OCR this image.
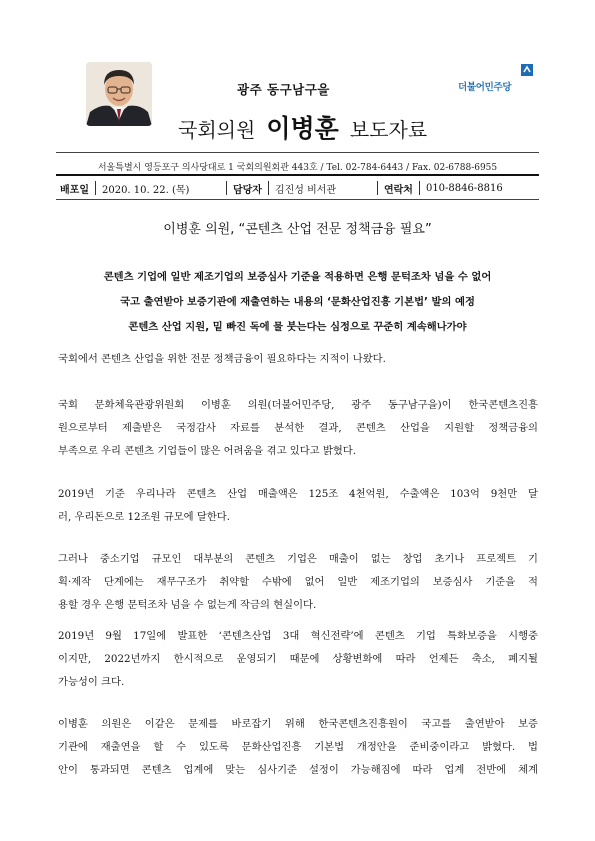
광주 동구남구을
국회의원 이병훈 보도자료
더불어민주당
서울특별시 영등포구 의사당대로 1 국회의원회관 443호 / Tel. 02-784-6443 / Fax. 02-6788-6955
배포일 2020. 10. 22. (목)	담당자 김진성 비서관	연락처 010-8846-8816
이병훈 의원, “콘텐츠 산업 전문 정책금융 필요”
콘텐츠 기업에 일반 제조기업의 보증심사 기준을 적용하면 은행 문턱조차 넘을 수 없어
국고 출연받아 보증기관에 재출연하는 내용의 ‘문화산업진흥 기본법’ 발의 예정
콘텐츠 산업 지원, 밑 빠진 독에 물 붓는다는 심정으로 꾸준히 계속해나가야
국회에서 콘텐츠 산업을 위한 전문 정책금융이 필요하다는 지적이 나왔다.
국회 문화체육관광위원회 이병훈 의원(더불어민주당, 광주 동구남구을)이 한국콘텐츠진흥
원으로부터 제출받은 국정감사 자료를 분석한 결과, 콘텐츠 산업을 지원할 정책금융의
부족으로 우리 콘텐츠 기업들이 많은 어려움을 겪고 있다고 밝혔다.
2019년 기준 우리나라 콘텐츠 산업 매출액은 125조 4천억원, 수출액은 103억 9천만 달
러, 우리돈으로 12조원 규모에 달한다.
그러나 중소기업 규모인 대부분의 콘텐츠 기업은 매출이 없는 창업 초기나 프로젝트 기
획·제작 단계에는 재무구조가 취약할 수밖에 없어 일반 제조기업의 보증심사 기준을 적
용할 경우 은행 문턱조차 넘을 수 없는게 작금의 현실이다.
2019년 9월 17일에 발표한 ‘콘텐츠산업 3대 혁신전략’에 콘텐츠 기업 특화보증을 시행중
이지만, 2022년까지 한시적으로 운영되기 때문에 상황변화에 따라 언제든 축소, 폐지될
가능성이 크다.
이병훈 의원은 이같은 문제를 바로잡기 위해 한국콘텐츠진흥원이 국고를 출연받아 보증
기관에 재출연을 할 수 있도록 문화산업진흥 기본법 개정안을 준비중이라고 밝혔다. 법
안이 통과되면 콘텐츠 업계에 맞는 심사기준 설정이 가능해짐에 따라 업계 전반에 체계
